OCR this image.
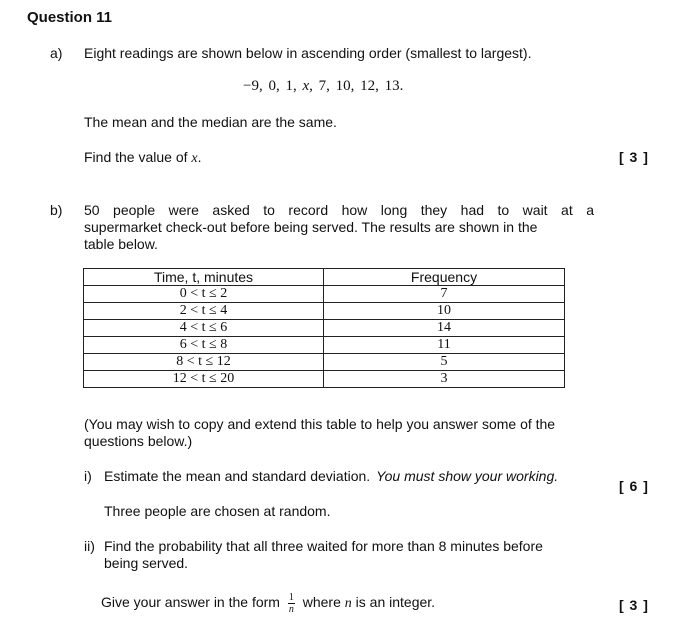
Question 11
a) Eight readings are shown below in ascending order (smallest to largest).
−9, 0, 1, x, 7, 10, 12, 13.
The mean and the median are the same.
Find the value of x.	[ 3 ]
b) 50 people were asked to record how long they had to wait at a
supermarket check-out before being served. The results are shown in the
table below.
Time, t, minutes	Frequency
0 < t ≤ 2	7
2 < t ≤ 4	10
4 < t ≤ 6	14
6 < t ≤ 8	11
8 < t ≤ 12	5
12 < t ≤ 20	3
(You may wish to copy and extend this table to help you answer some of the
questions below.)
i) Estimate the mean and standard deviation. You must show your working.
[ 6 ]
Three people are chosen at random.
ii) Find the probability that all three waited for more than 8 minutes before
being served.
Give your answer in the form $\frac{1}{n}$ where n is an integer.	[ 3 ]
